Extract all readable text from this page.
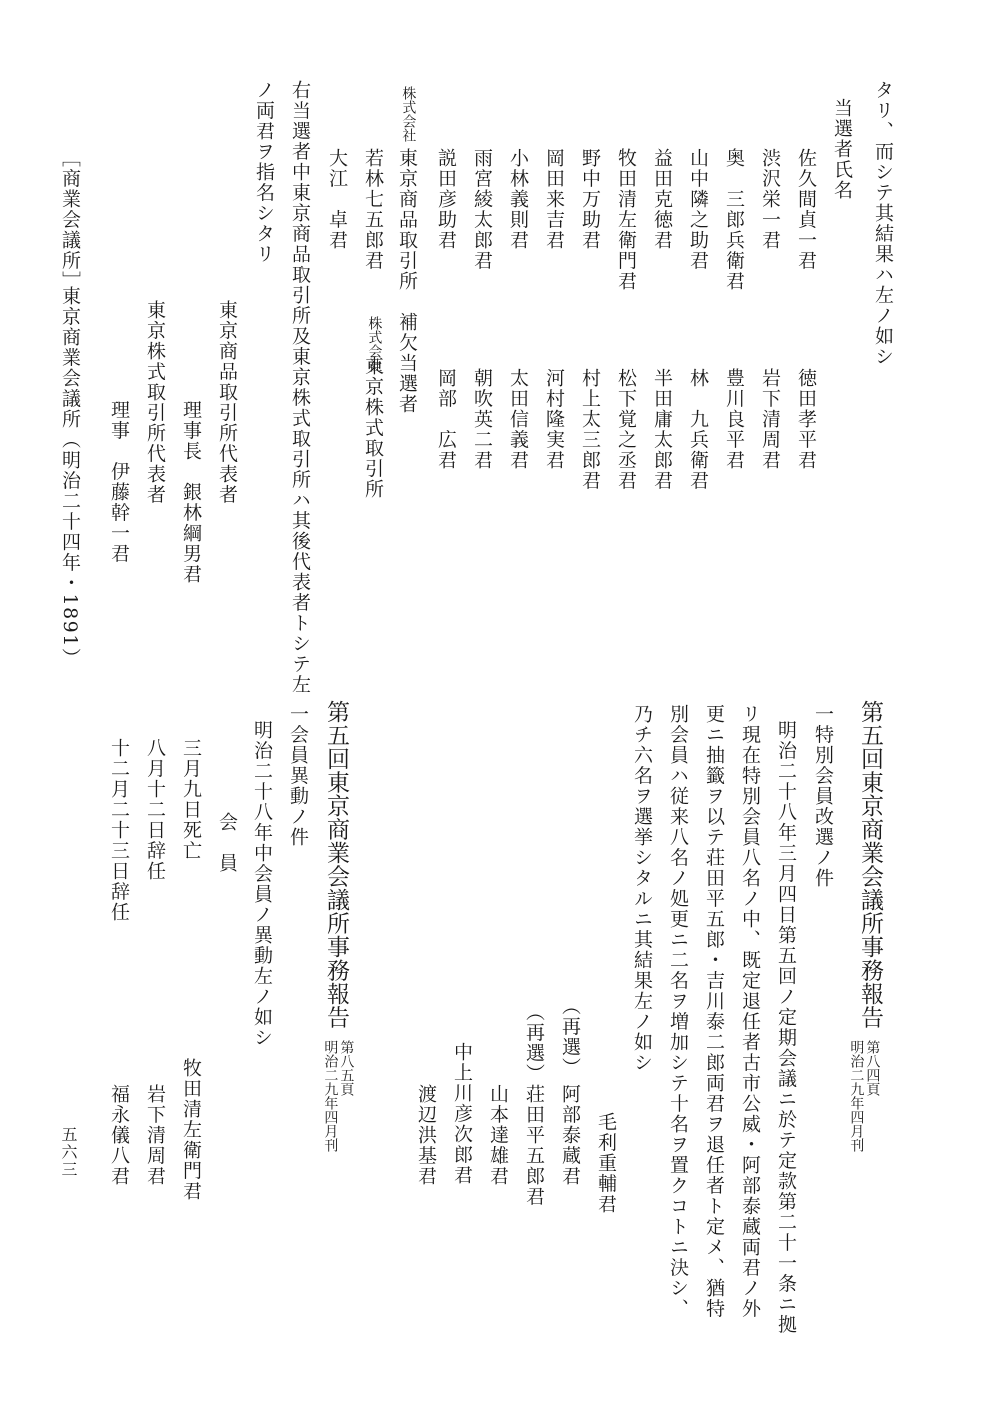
タリ、而シテ其結果ハ左ノ如シ
当選者氏名
佐久間貞一君
徳田孝平君
渋沢栄一君
岩下清周君
奥　三郎兵衛君
豊川良平君
山中隣之助君
林　九兵衛君
益田克徳君
半田庸太郎君
牧田清左衛門君
松下覚之丞君
野中万助君
村上太三郎君
岡田来吉君
河村隆実君
小林義則君
太田信義君
雨宮綾太郎君
朝吹英二君
説田彦助君
岡部　広君
株式会社
東京商品取引所
補欠当選者
若林七五郎君
株式会社
東京株式取引所
大江　卓君
右当選者中東京商品取引所及東京株式取引所ハ其後代表者トシテ左
ノ両君ヲ指名シタリ
東京商品取引所代表者
理事長　銀林綱男君
東京株式取引所代表者
理事　伊藤幹一君
［商業会議所］
東京商業会議所（明治二十四年・1891）
第五回東京商業会議所事務報告
第八四頁
明治二九年四月刊
一特別会員改選ノ件
明治二十八年三月四日第五回ノ定期会議ニ於テ定款第二十一条ニ拠
リ現在特別会員八名ノ中、既定退任者古市公威・阿部泰蔵両君ノ外
更ニ抽籤ヲ以テ荘田平五郎・吉川泰二郎両君ヲ退任者ト定メ、猶特
別会員ハ従来八名ノ処更ニ二名ヲ増加シテ十名ヲ置クコトニ決シ、
乃チ六名ヲ選挙シタルニ其結果左ノ如シ
毛利重輔君
（再選）
阿部泰蔵君
（再選）
荘田平五郎君
山本達雄君
中上川彦次郎君
渡辺洪基君
第五回東京商業会議所事務報告
第八五頁
明治二九年四月刊
一会員異動ノ件
明治二十八年中会員ノ異動左ノ如シ
会　員
三月九日死亡
牧田清左衛門君
八月十二日辞任
岩下清周君
十二月二十三日辞任
福永儀八君
五六三
